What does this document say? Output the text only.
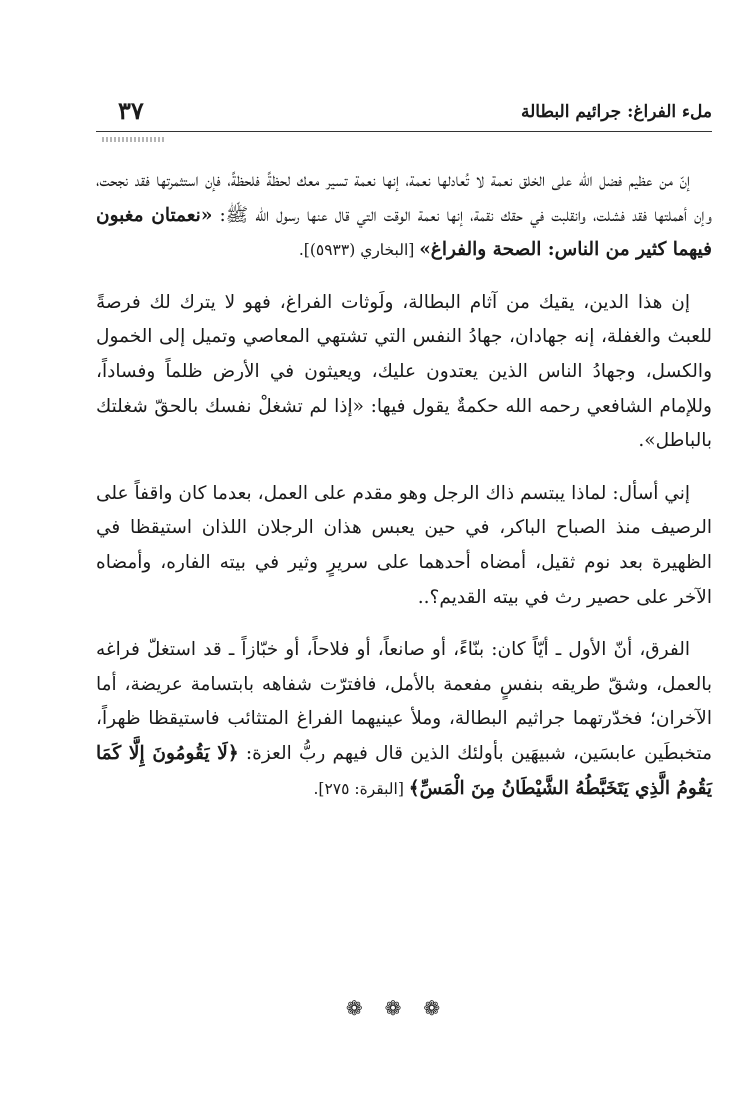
ملء الفراغ: جرائيم البطالة
٣٧

إنّ من عظيم فضل الله على الخلق نعمة لا تُعادلها نعمة، إنها نعمة تسير معك لحظةً فلحظةً، فإن استثمرتها فقد نجحت، وإن أهملتها فقد فشلت، وانقلبت في حقك نقمة، إنها نعمة الوقت التي قال عنها رسول الله ﷺ: «نعمتان مغبون فيهما كثير من الناس: الصحة والفراغ» [البخاري (٥٩٣٣)].

إن هذا الدين، يقيك من آثام البطالة، ولَوثات الفراغ، فهو لا يترك لك فرصةً للعبث والغفلة، إنه جهادان، جهادُ النفس التي تشتهي المعاصي وتميل إلى الخمول والكسل، وجهادُ الناس الذين يعتدون عليك، ويعيثون في الأرض ظلماً وفساداً، وللإمام الشافعي رحمه الله حكمةٌ يقول فيها: «إذا لم تشغلْ نفسك بالحقّ شغلتك بالباطل».

إني أسأل: لماذا يبتسم ذاك الرجل وهو مقدم على العمل، بعدما كان واقفاً على الرصيف منذ الصباح الباكر، في حين يعبس هذان الرجلان اللذان استيقظا في الظهيرة بعد نوم ثقيل، أمضاه أحدهما على سريرٍ وثير في بيته الفاره، وأمضاه الآخر على حصير رث في بيته القديم؟..

الفرق، أنّ الأول ـ أيّاً كان: بنّاءً، أو صانعاً، أو فلاحاً، أو خبّازاً ـ قد استغلّ فراغه بالعمل، وشقّ طريقه بنفسٍ مفعمة بالأمل، فافترّت شفاهه بابتسامة عريضة، أما الآخران؛ فخدّرتهما جراثيم البطالة، وملأ عينيهما الفراغ المتثائب فاستيقظا ظهراً، متخبطَين عابسَين، شبيهَين بأولئك الذين قال فيهم ربُّ العزة: ﴿لَا يَقُومُونَ إِلَّا كَمَا يَقُومُ الَّذِي يَتَخَبَّطُهُ الشَّيْطَانُ مِنَ الْمَسِّ﴾ [البقرة: ٢٧٥].

❁❁❁
